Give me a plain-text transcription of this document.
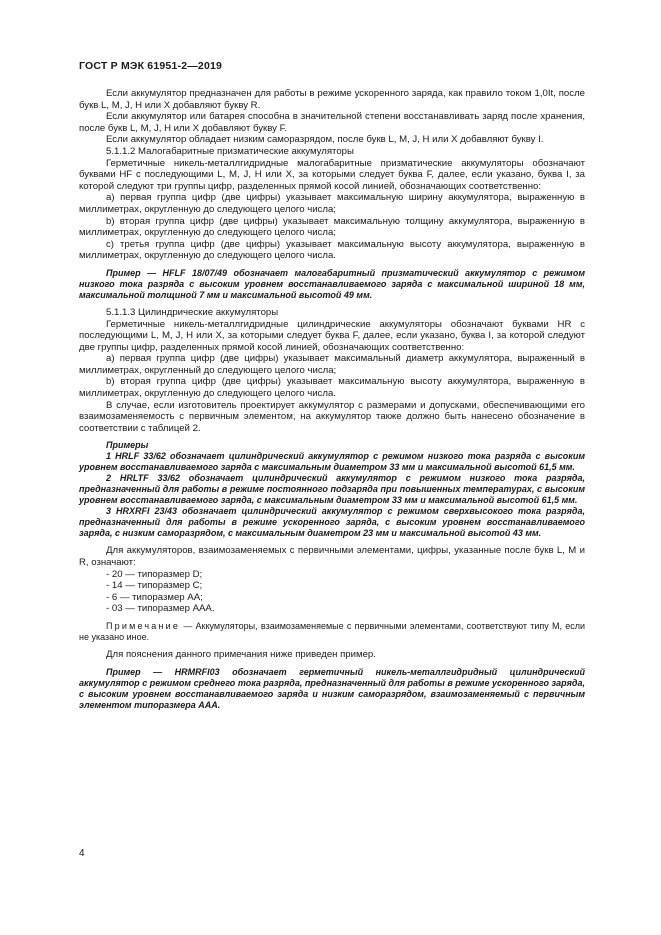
ГОСТ Р МЭК 61951-2—2019

Если аккумулятор предназначен для работы в режиме ускоренного заряда, как правило током 1,0It, после букв L, M, J, H или X добавляют букву R.

Если аккумулятор или батарея способна в значительной степени восстанавливать заряд после хранения, после букв L, M, J, H или X добавляют букву F.

Если аккумулятор обладает низким саморазрядом, после букв L, M, J, H или X добавляют букву I.

5.1.1.2 Малогабаритные призматические аккумуляторы

Герметичные никель-металлгидридные малогабаритные призматические аккумуляторы обозначают буквами HF с последующими L, M, J, H или X, за которыми следует буква F, далее, если указано, буква I, за которой следуют три группы цифр, разделенных прямой косой линией, обозначающих соответственно:

а) первая группа цифр (две цифры) указывает максимальную ширину аккумулятора, выраженную в миллиметрах, округленную до следующего целого числа;

b) вторая группа цифр (две цифры) указывает максимальную толщину аккумулятора, выраженную в миллиметрах, округленную до следующего целого числа;

с) третья группа цифр (две цифры) указывает максимальную высоту аккумулятора, выраженную в миллиметрах, округленную до следующего целого числа.

Пример — HFLF 18/07/49 обозначает малогабаритный призматический аккумулятор с режимом низкого тока разряда с высоким уровнем восстанавливаемого заряда с максимальной шириной 18 мм, максимальной толщиной 7 мм и максимальной высотой 49 мм.

5.1.1.3 Цилиндрические аккумуляторы

Герметичные никель-металлгидридные цилиндрические аккумуляторы обозначают буквами HR с последующими L, M, J, H или X, за которыми следует буква F, далее, если указано, буква I, за которой следуют две группы цифр, разделенных прямой косой линией, обозначающих соответственно:

а) первая группа цифр (две цифры) указывает максимальный диаметр аккумулятора, выраженный в миллиметрах, округленный до следующего целого числа;

b) вторая группа цифр (две цифры) указывает максимальную высоту аккумулятора, выраженную в миллиметрах, округленную до следующего целого числа.

В случае, если изготовитель проектирует аккумулятор с размерами и допусками, обеспечивающими его взаимозаменяемость с первичным элементом, на аккумулятор также должно быть нанесено обозначение в соответствии с таблицей 2.

Примеры

1 HRLF 33/62 обозначает цилиндрический аккумулятор с режимом низкого тока разряда с высоким уровнем восстанавливаемого заряда с максимальным диаметром 33 мм и максимальной высотой 61,5 мм.

2 HRLTF 33/62 обозначает цилиндрический аккумулятор с режимом низкого тока разряда, предназначенный для работы в режиме постоянного подзаряда при повышенных температурах, с высоким уровнем восстанавливаемого заряда, с максимальным диаметром 33 мм и максимальной высотой 61,5 мм.

3 HRXRFI 23/43 обозначает цилиндрический аккумулятор с режимом сверхвысокого тока разряда, предназначенный для работы в режиме ускоренного заряда, с высоким уровнем восстанавливаемого заряда, с низким саморазрядом, с максимальным диаметром 23 мм и максимальной высотой 43 мм.

Для аккумуляторов, взаимозаменяемых с первичными элементами, цифры, указанные после букв L, M и R, означают:

- 20 — типоразмер D;

- 14 — типоразмер С;

- 6 — типоразмер АА;

- 03 — типоразмер ААА.

Примечание — Аккумуляторы, взаимозаменяемые с первичными элементами, соответствуют типу M, если не указано иное.

Для пояснения данного примечания ниже приведен пример.

Пример — HRMRFI03 обозначает герметичный никель-металлгидридный цилиндрический аккумулятор с режимом среднего тока разряда, предназначенный для работы в режиме ускоренного заряда, с высоким уровнем восстанавливаемого заряда и низким саморазрядом, взаимозаменяемый с первичным элементом типоразмера ААА.

4
